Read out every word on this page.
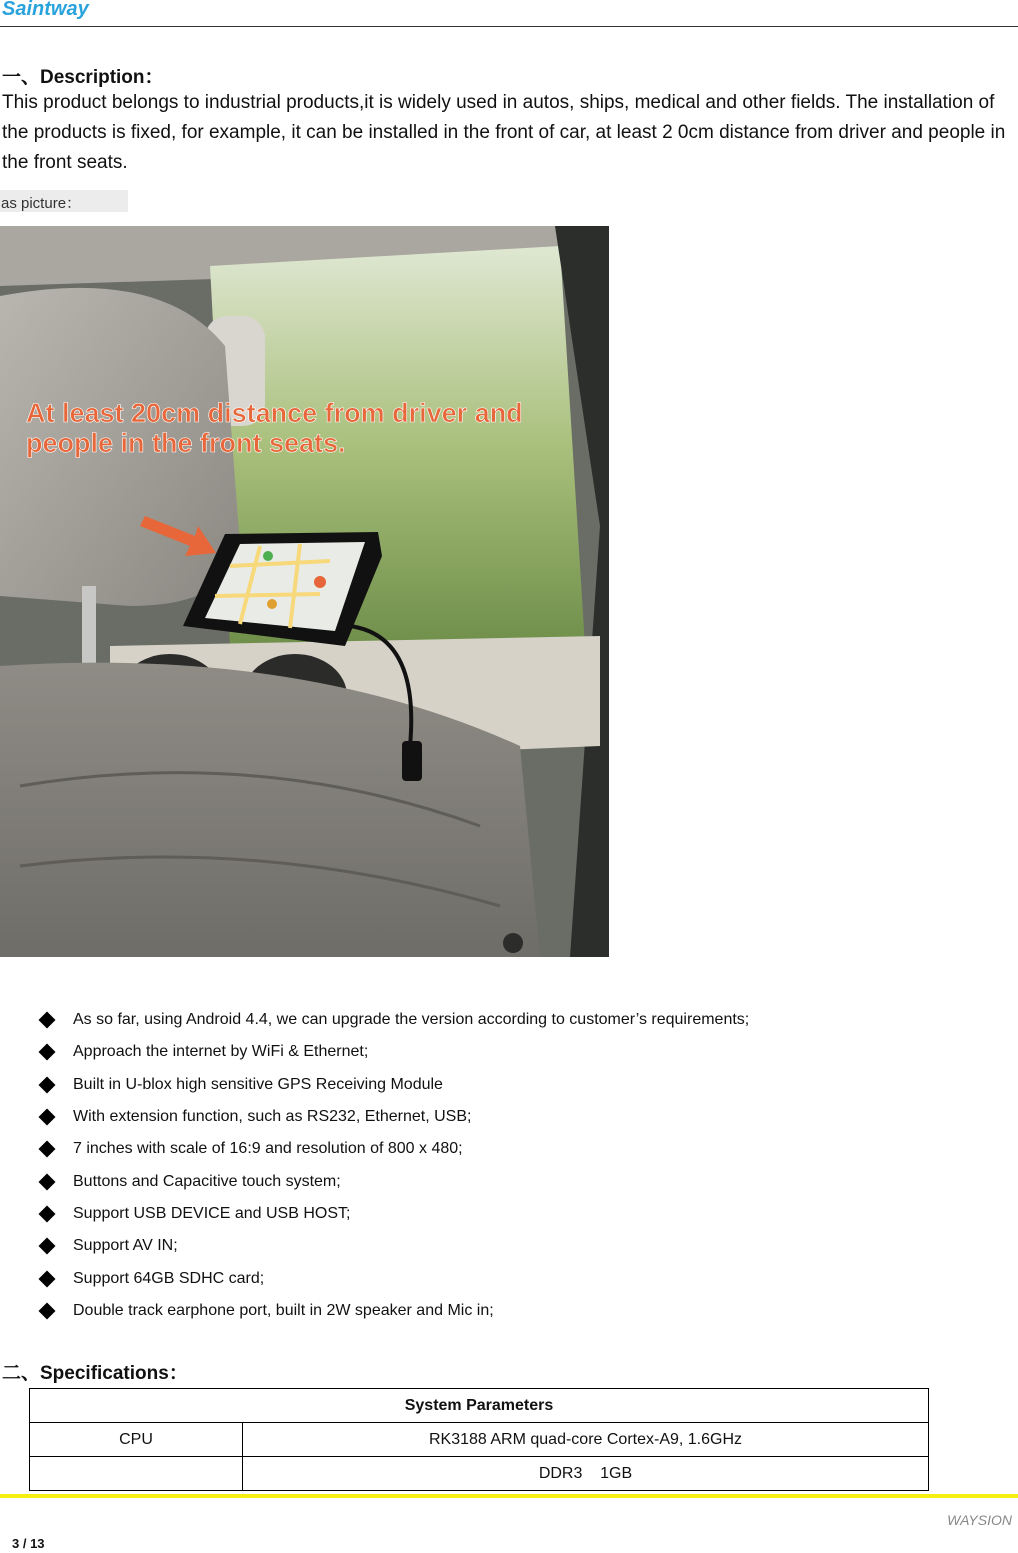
Saintway
一、Description：

This product belongs to industrial products,it is widely used in autos, ships, medical and other fields. The installation of the products is fixed, for example, it can be installed in the front of car, at least 2 0cm distance from driver and people in the front seats.

as picture：
At least 20cm distance from driver and
people in the front seats.
As so far, using Android 4.4, we can upgrade the version according to customer’s requirements;
Approach the internet by WiFi & Ethernet;
Built in U-blox high sensitive GPS Receiving Module
With extension function, such as RS232, Ethernet, USB;
7 inches with scale of 16:9 and resolution of 800 x 480;
Buttons and Capacitive touch system;
Support USB DEVICE and USB HOST;
Support AV IN;
Support 64GB SDHC card;
Double track earphone port, built in 2W speaker and Mic in;
二、Specifications：
System Parameters	
CPU	RK3188 ARM quad-core Cortex-A9, 1.6GHz
	DDR3    1GB
WAYSION
3 / 13
